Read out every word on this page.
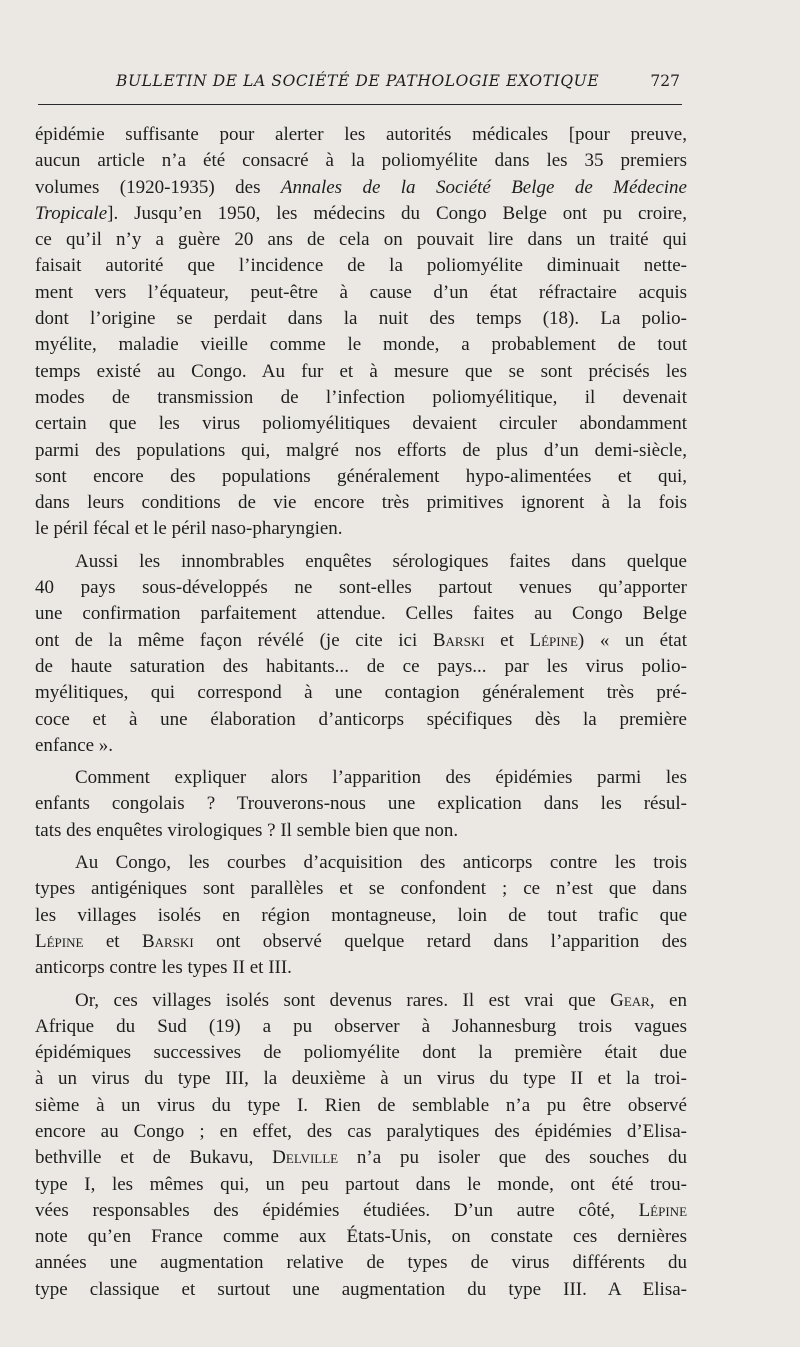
BULLETIN DE LA SOCIÉTÉ DE PATHOLOGIE EXOTIQUE	727
épidémie suffisante pour alerter les autorités médicales [pour preuve,
aucun article n’a été consacré à la poliomyélite dans les 35 premiers
volumes (1920-1935) des Annales de la Société Belge de Médecine
Tropicale]. Jusqu’en 1950, les médecins du Congo Belge ont pu croire,
ce qu’il n’y a guère 20 ans de cela on pouvait lire dans un traité qui
faisait autorité que l’incidence de la poliomyélite diminuait nette-
ment vers l’équateur, peut-être à cause d’un état réfractaire acquis
dont l’origine se perdait dans la nuit des temps (18). La polio-
myélite, maladie vieille comme le monde, a probablement de tout
temps existé au Congo. Au fur et à mesure que se sont précisés les
modes de transmission de l’infection poliomyélitique, il devenait
certain que les virus poliomyélitiques devaient circuler abondamment
parmi des populations qui, malgré nos efforts de plus d’un demi-siècle,
sont encore des populations généralement hypo-alimentées et qui,
dans leurs conditions de vie encore très primitives ignorent à la fois
le péril fécal et le péril naso-pharyngien.
Aussi les innombrables enquêtes sérologiques faites dans quelque
40 pays sous-développés ne sont-elles partout venues qu’apporter
une confirmation parfaitement attendue. Celles faites au Congo Belge
ont de la même façon révélé (je cite ici Barski et Lépine) « un état
de haute saturation des habitants... de ce pays... par les virus polio-
myélitiques, qui correspond à une contagion généralement très pré-
coce et à une élaboration d’anticorps spécifiques dès la première
enfance ».
Comment expliquer alors l’apparition des épidémies parmi les
enfants congolais ? Trouverons-nous une explication dans les résul-
tats des enquêtes virologiques ? Il semble bien que non.
Au Congo, les courbes d’acquisition des anticorps contre les trois
types antigéniques sont parallèles et se confondent ; ce n’est que dans
les villages isolés en région montagneuse, loin de tout trafic que
Lépine et Barski ont observé quelque retard dans l’apparition des
anticorps contre les types II et III.
Or, ces villages isolés sont devenus rares. Il est vrai que Gear, en
Afrique du Sud (19) a pu observer à Johannesburg trois vagues
épidémiques successives de poliomyélite dont la première était due
à un virus du type III, la deuxième à un virus du type II et la troi-
sième à un virus du type I. Rien de semblable n’a pu être observé
encore au Congo ; en effet, des cas paralytiques des épidémies d’Elisa-
bethville et de Bukavu, Delville n’a pu isoler que des souches du
type I, les mêmes qui, un peu partout dans le monde, ont été trou-
vées responsables des épidémies étudiées. D’un autre côté, Lépine
note qu’en France comme aux États-Unis, on constate ces dernières
années une augmentation relative de types de virus différents du
type classique et surtout une augmentation du type III. A Elisa-
